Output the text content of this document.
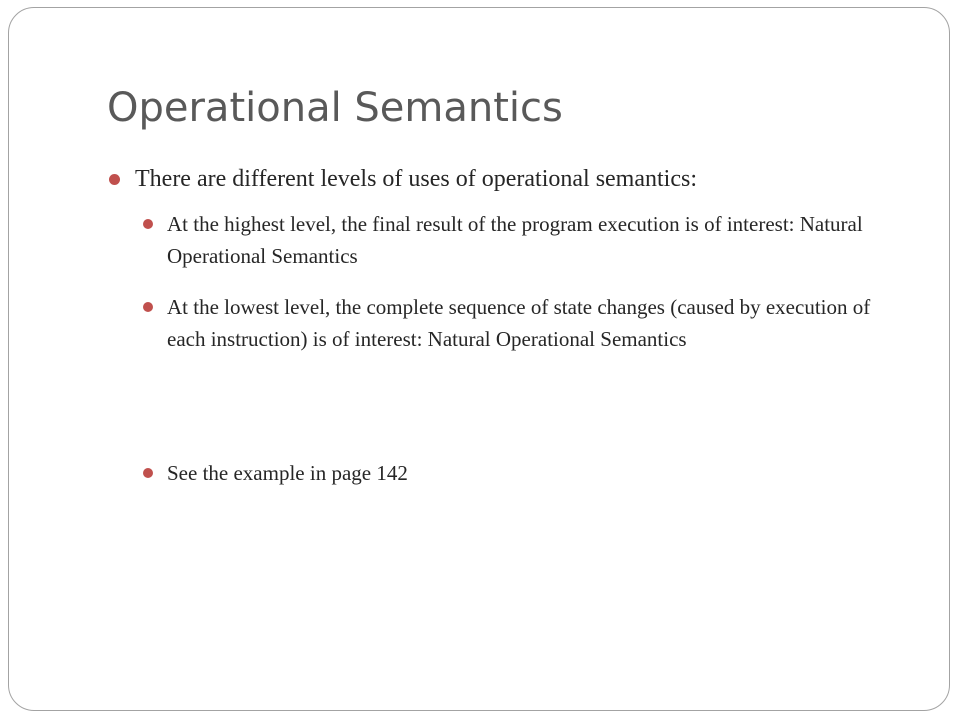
Operational Semantics
There are different levels of uses of operational semantics:
At the highest level, the final result of the program execution is of interest: Natural Operational Semantics
At the lowest level, the complete sequence of state changes (caused by execution of each instruction) is of interest: Natural Operational Semantics
See the example in page 142
